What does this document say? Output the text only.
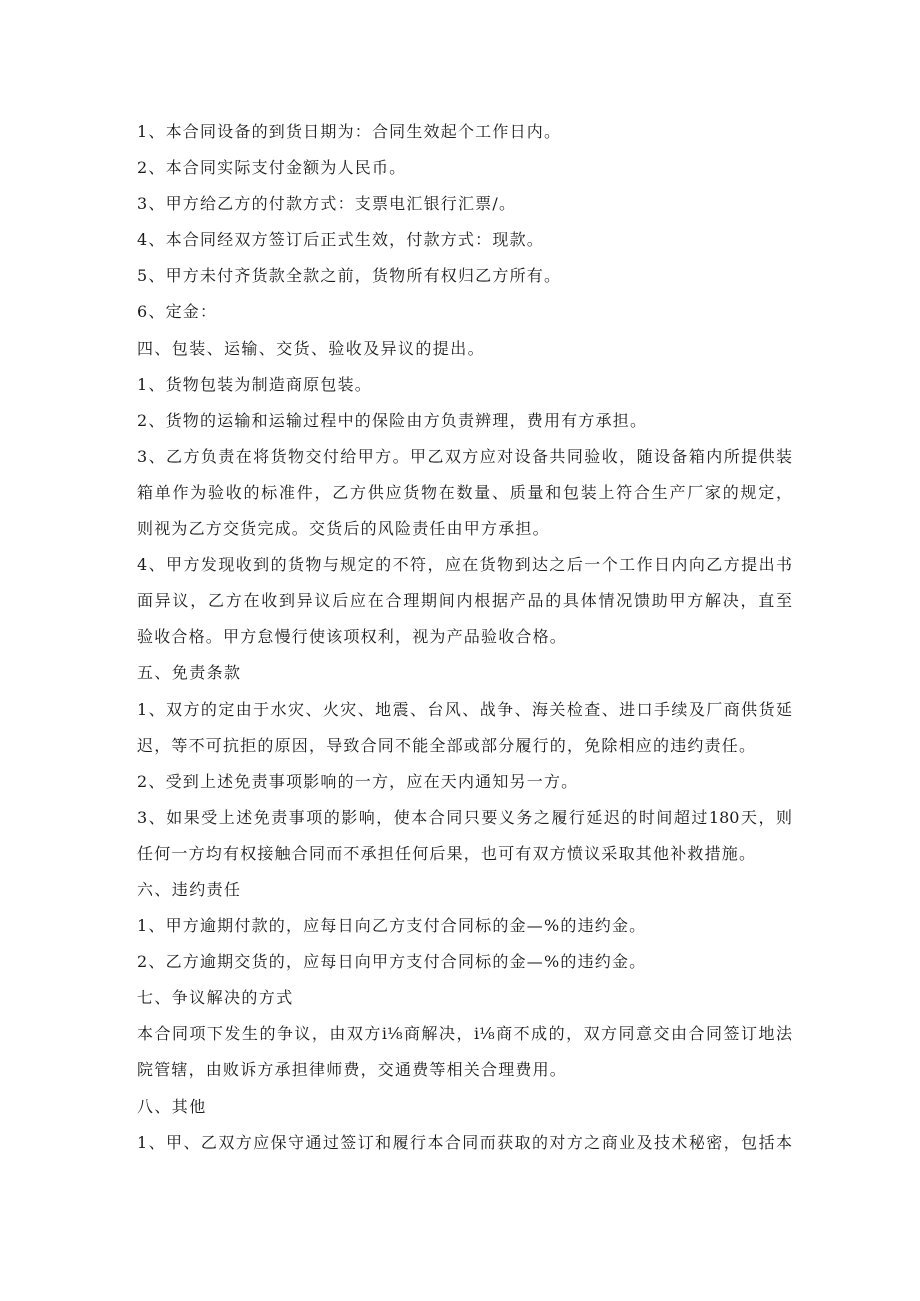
1、本合同设备的到货日期为：合同生效起个工作日内。
2、本合同实际支付金额为人民币。
3、甲方给乙方的付款方式：支票电汇银行汇票/。
4、本合同经双方签订后正式生效，付款方式：现款。
5、甲方未付齐货款全款之前，货物所有权归乙方所有。
6、定金：
四、包装、运输、交货、验收及异议的提出。
1、货物包装为制造商原包装。
2、货物的运输和运输过程中的保险由方负责辨理，费用有方承担。
3、乙方负责在将货物交付给甲方。甲乙双方应对设备共同验收，随设备箱内所提供装
箱单作为验收的标准件，乙方供应货物在数量、质量和包装上符合生产厂家的规定，
则视为乙方交货完成。交货后的风险责任由甲方承担。
4、甲方发现收到的货物与规定的不符，应在货物到达之后一个工作日内向乙方提出书
面异议，乙方在收到异议后应在合理期间内根据产品的具体情况馈助甲方解决，直至
验收合格。甲方怠慢行使该项权利，视为产品验收合格。
五、免责条款
1、双方的定由于水灾、火灾、地震、台风、战争、海关检查、进口手续及厂商供货延
迟，等不可抗拒的原因，导致合同不能全部或部分履行的，免除相应的违约责任。
2、受到上述免责事项影响的一方，应在天内通知另一方。
3、如果受上述免责事项的影响，使本合同只要义务之履行延迟的时间超过180天，则
任何一方均有权接触合同而不承担任何后果，也可有双方愤议采取其他补救措施。
六、违约责任
1、甲方逾期付款的，应每日向乙方支付合同标的金—%的违约金。
2、乙方逾期交货的，应每日向甲方支付合同标的金—%的违约金。
七、争议解决的方式
本合同项下发生的争议，由双方i⅛商解决，i⅛商不成的，双方同意交由合同签订地法
院管辖，由败诉方承担律师费，交通费等相关合理费用。
八、其他
1、甲、乙双方应保守通过签订和履行本合同而获取的对方之商业及技术秘密，包括本
